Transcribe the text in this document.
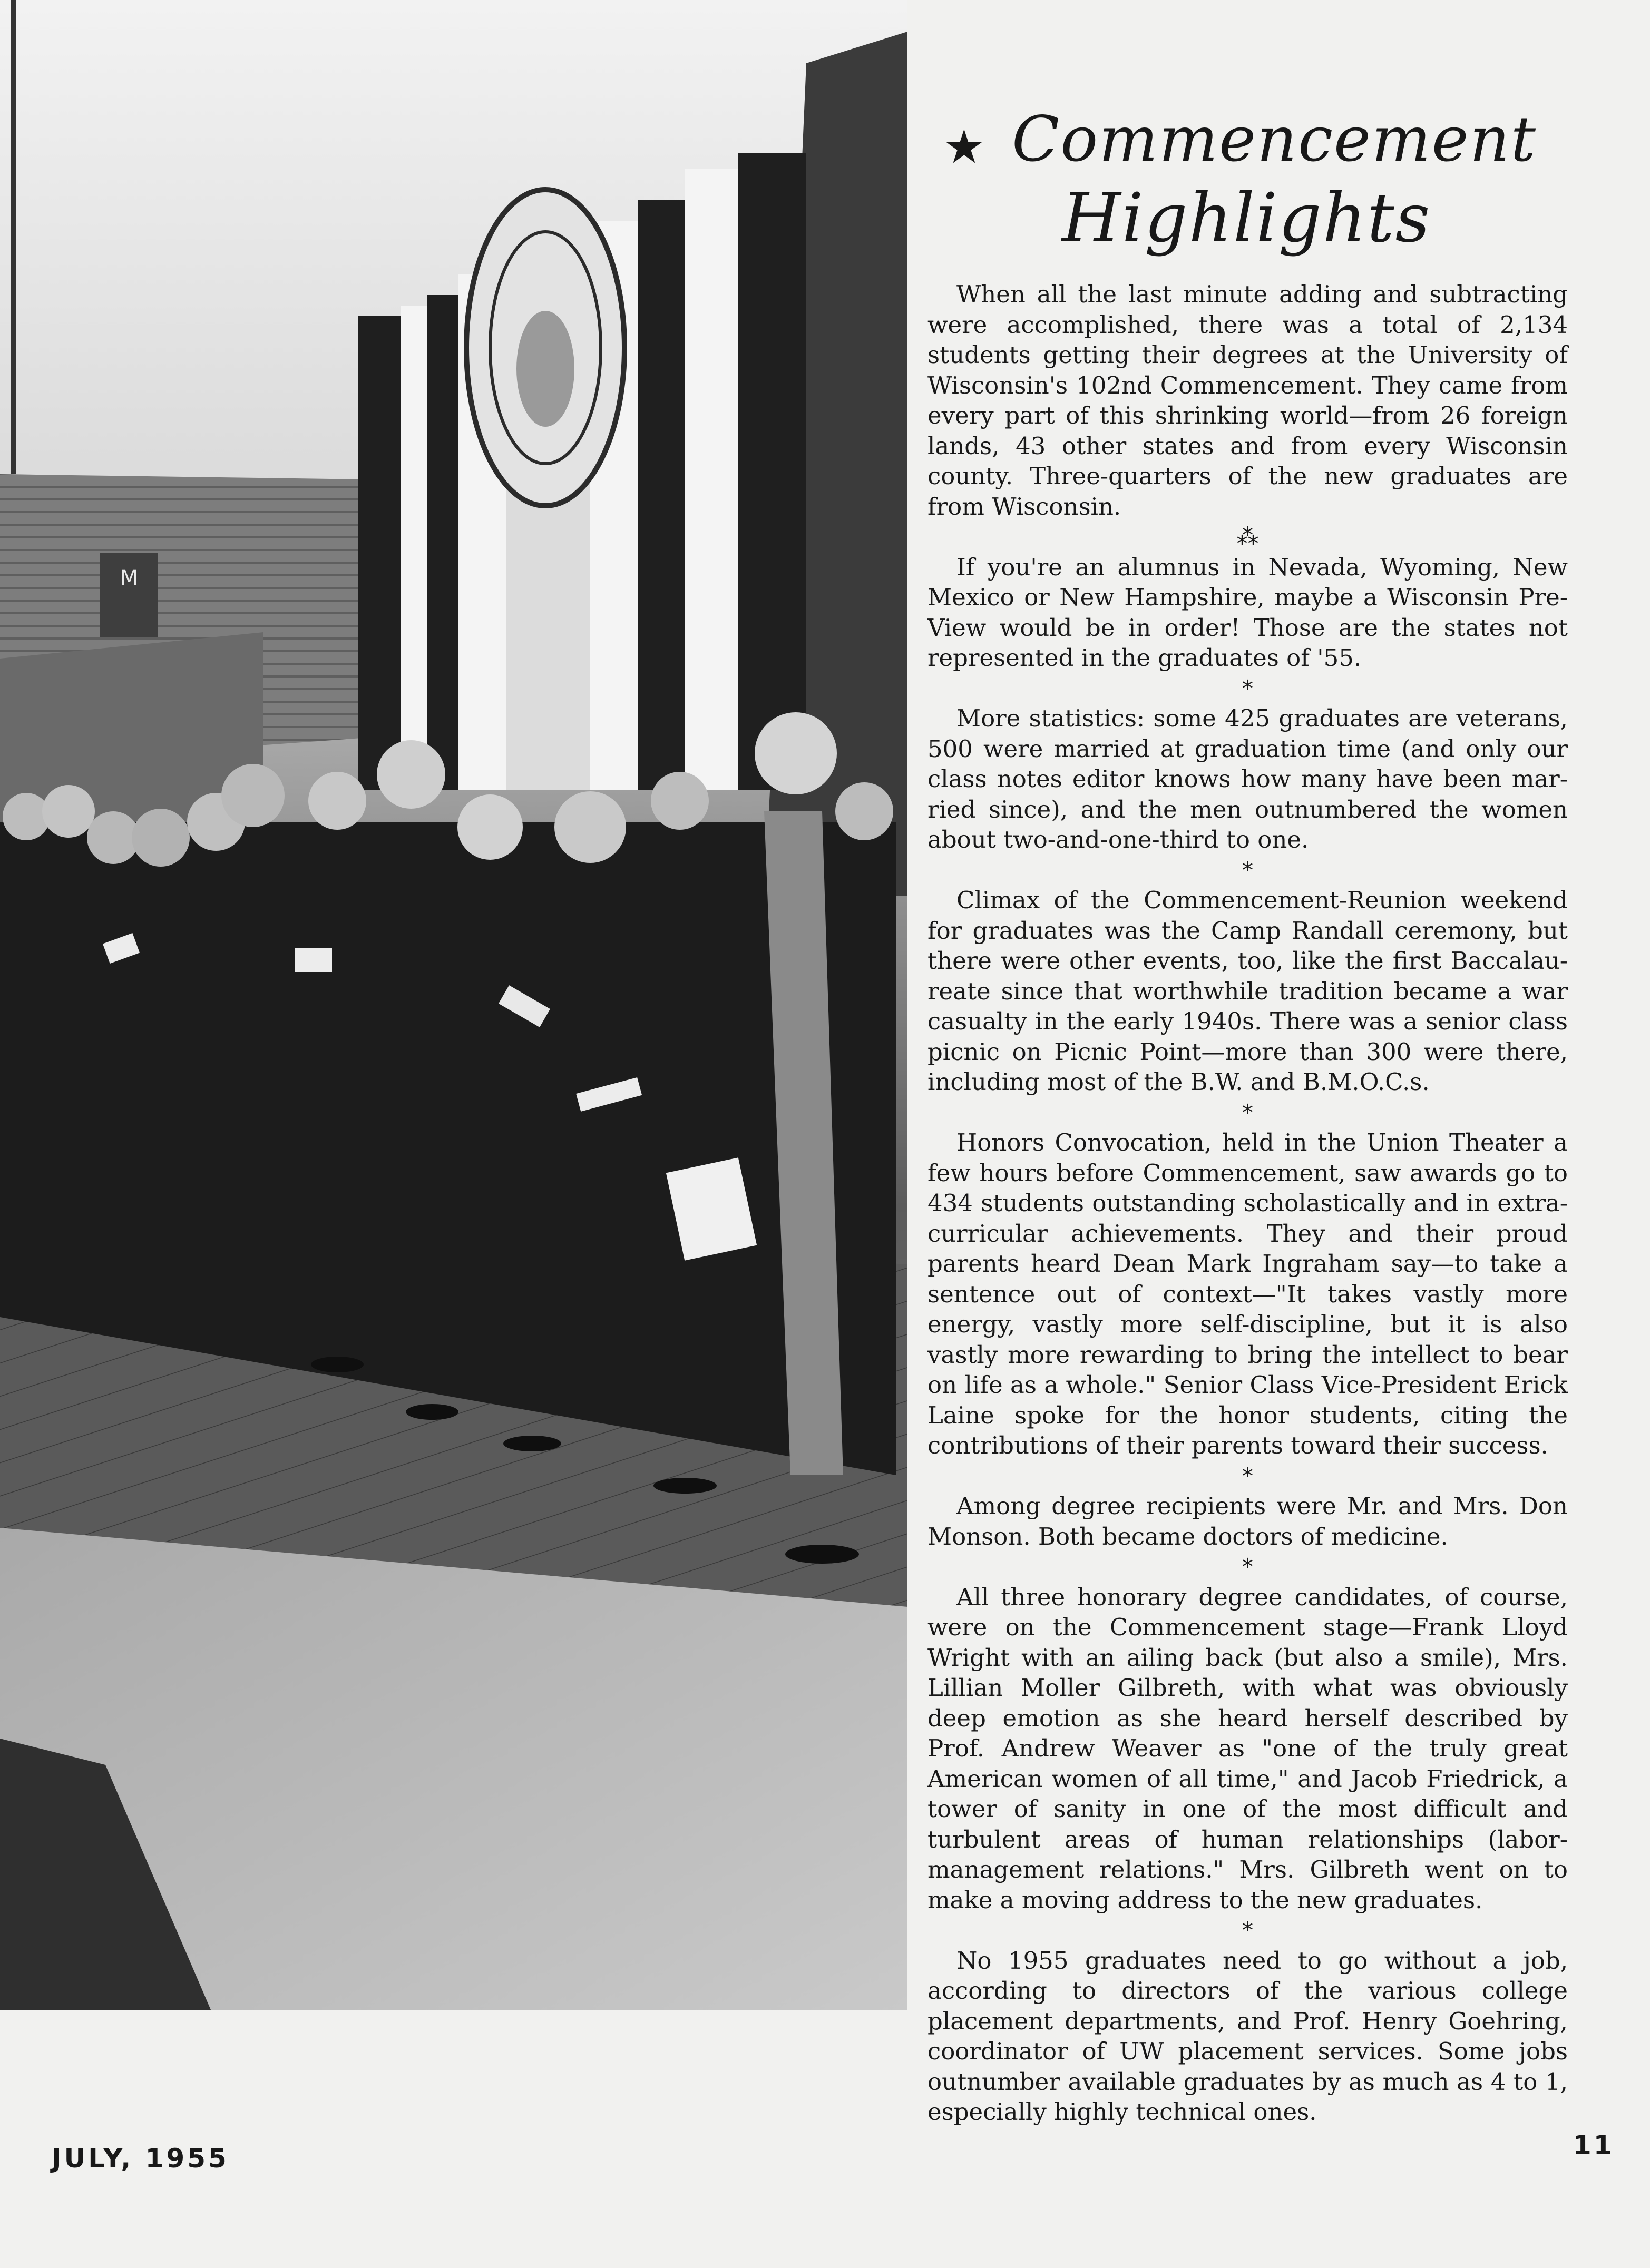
M
★ Commencement
Highlights

When all the last minute adding and subtracting were accomplished, there was a total of 2,134 students getting their degrees at the University of Wisconsin's 102nd Commencement. They came from every part of this shrinking world—from 26 foreign lands, 43 other states and from every Wisconsin county. Three-quarters of the new graduates are from Wisconsin.

⁂

If you're an alumnus in Nevada, Wyoming, New Mexico or New Hampshire, maybe a Wisconsin Pre-View would be in order! Those are the states not represented in the graduates of '55.

*

More statistics: some 425 graduates are veterans, 500 were married at graduation time (and only our class notes editor knows how many have been married since), and the men outnumbered the women about two-and-one-third to one.

*

Climax of the Commencement-Reunion weekend for graduates was the Camp Randall ceremony, but there were other events, too, like the first Baccalaureate since that worthwhile tradition became a war casualty in the early 1940s. There was a senior class picnic on Picnic Point—more than 300 were there, including most of the B.W. and B.M.O.C.s.

*

Honors Convocation, held in the Union Theater a few hours before Commencement, saw awards go to 434 students outstanding scholastically and in extra-curricular achievements. They and their proud parents heard Dean Mark Ingraham say—to take a sentence out of context—"It takes vastly more energy, vastly more self-discipline, but it is also vastly more rewarding to bring the intellect to bear on life as a whole." Senior Class Vice-President Erick Laine spoke for the honor students, citing the contributions of their parents toward their success.

*

Among degree recipients were Mr. and Mrs. Don Monson. Both became doctors of medicine.

*

All three honorary degree candidates, of course, were on the Commencement stage—Frank Lloyd Wright with an ailing back (but also a smile), Mrs. Lillian Moller Gilbreth, with what was obviously deep emotion as she heard herself described by Prof. Andrew Weaver as "one of the truly great American women of all time," and Jacob Friedrick, a tower of sanity in one of the most difficult and turbulent areas of human relationships (labor-management relations." Mrs. Gilbreth went on to make a moving address to the new graduates.

*

No 1955 graduates need to go without a job, according to directors of the various college placement departments, and Prof. Henry Goehring, coordinator of UW placement services. Some jobs outnumber available graduates by as much as 4 to 1, especially highly technical ones.

JULY, 1955	11
